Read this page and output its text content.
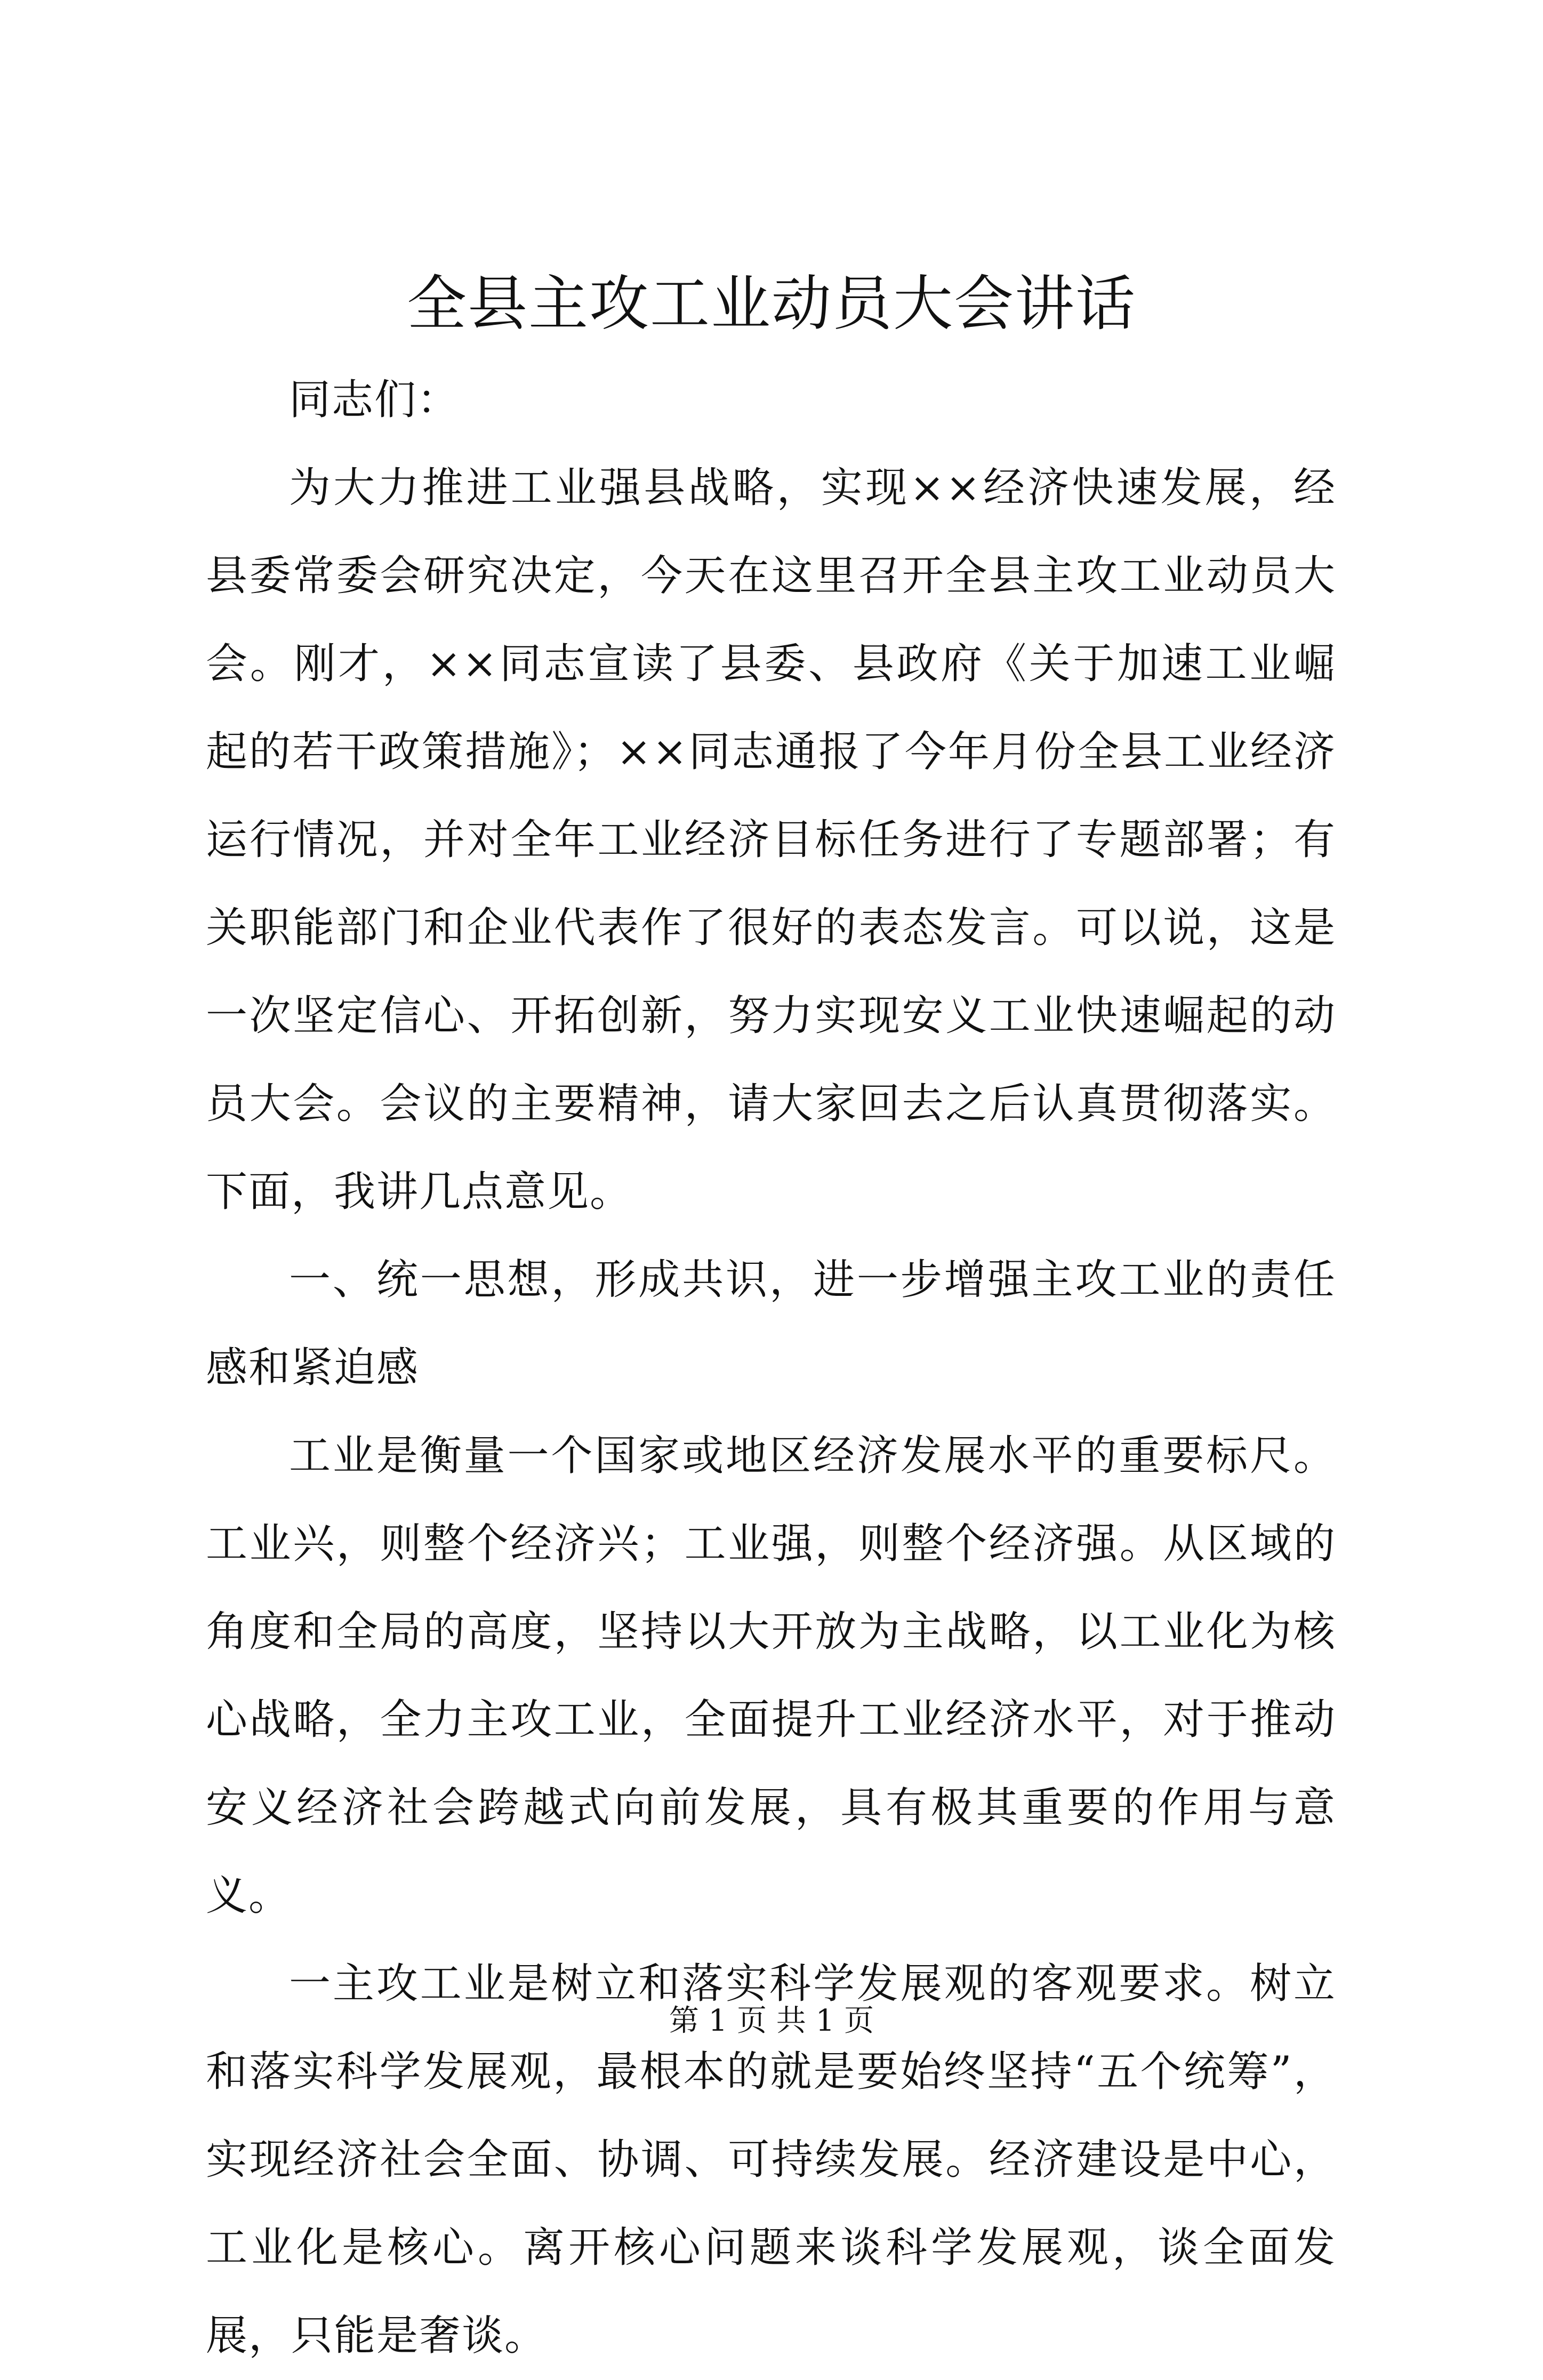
全县主攻工业动员大会讲话

同志们：

为大力推进工业强县战略，实现××经济快速发展，经县委常委会研究决定，今天在这里召开全县主攻工业动员大会。刚才，××同志宣读了县委、县政府《关于加速工业崛起的若干政策措施》；××同志通报了今年月份全县工业经济运行情况，并对全年工业经济目标任务进行了专题部署；有关职能部门和企业代表作了很好的表态发言。可以说，这是一次坚定信心、开拓创新，努力实现安义工业快速崛起的动员大会。会议的主要精神，请大家回去之后认真贯彻落实。下面，我讲几点意见。

一、统一思想，形成共识，进一步增强主攻工业的责任感和紧迫感

工业是衡量一个国家或地区经济发展水平的重要标尺。工业兴，则整个经济兴；工业强，则整个经济强。从区域的角度和全局的高度，坚持以大开放为主战略，以工业化为核心战略，全力主攻工业，全面提升工业经济水平，对于推动安义经济社会跨越式向前发展，具有极其重要的作用与意义。

一主攻工业是树立和落实科学发展观的客观要求。树立和落实科学发展观，最根本的就是要始终坚持“五个统筹”，实现经济社会全面、协调、可持续发展。经济建设是中心，工业化是核心。离开核心问题来谈科学发展观，谈全面发展，只能是奢谈。

第 1 页 共 1 页
